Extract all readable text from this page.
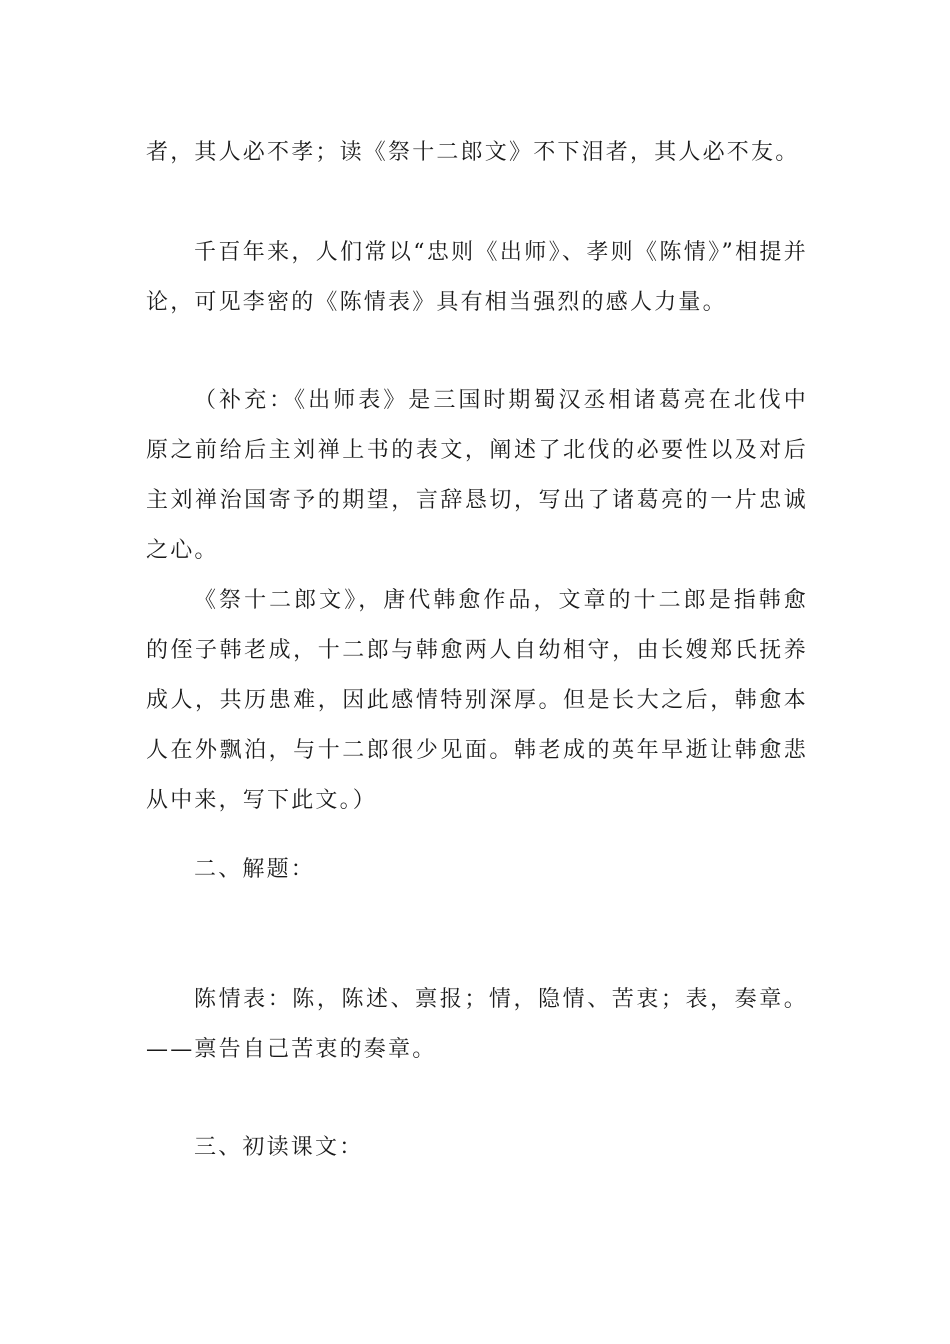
者，其人必不孝；读《祭十二郎文》不下泪者，其人必不友。

千百年来，人们常以“忠则《出师》、孝则《陈情》”相提并论，可见李密的《陈情表》具有相当强烈的感人力量。

（补充：《出师表》是三国时期蜀汉丞相诸葛亮在北伐中原之前给后主刘禅上书的表文，阐述了北伐的必要性以及对后主刘禅治国寄予的期望，言辞恳切，写出了诸葛亮的一片忠诚之心。

《祭十二郎文》，唐代韩愈作品，文章的十二郎是指韩愈的侄子韩老成，十二郎与韩愈两人自幼相守，由长嫂郑氏抚养成人，共历患难，因此感情特别深厚。但是长大之后，韩愈本人在外飘泊，与十二郎很少见面。韩老成的英年早逝让韩愈悲从中来，写下此文。）

二、解题：

陈情表：陈，陈述、禀报；情，隐情、苦衷；表，奏章。——禀告自己苦衷的奏章。

三、初读课文：
